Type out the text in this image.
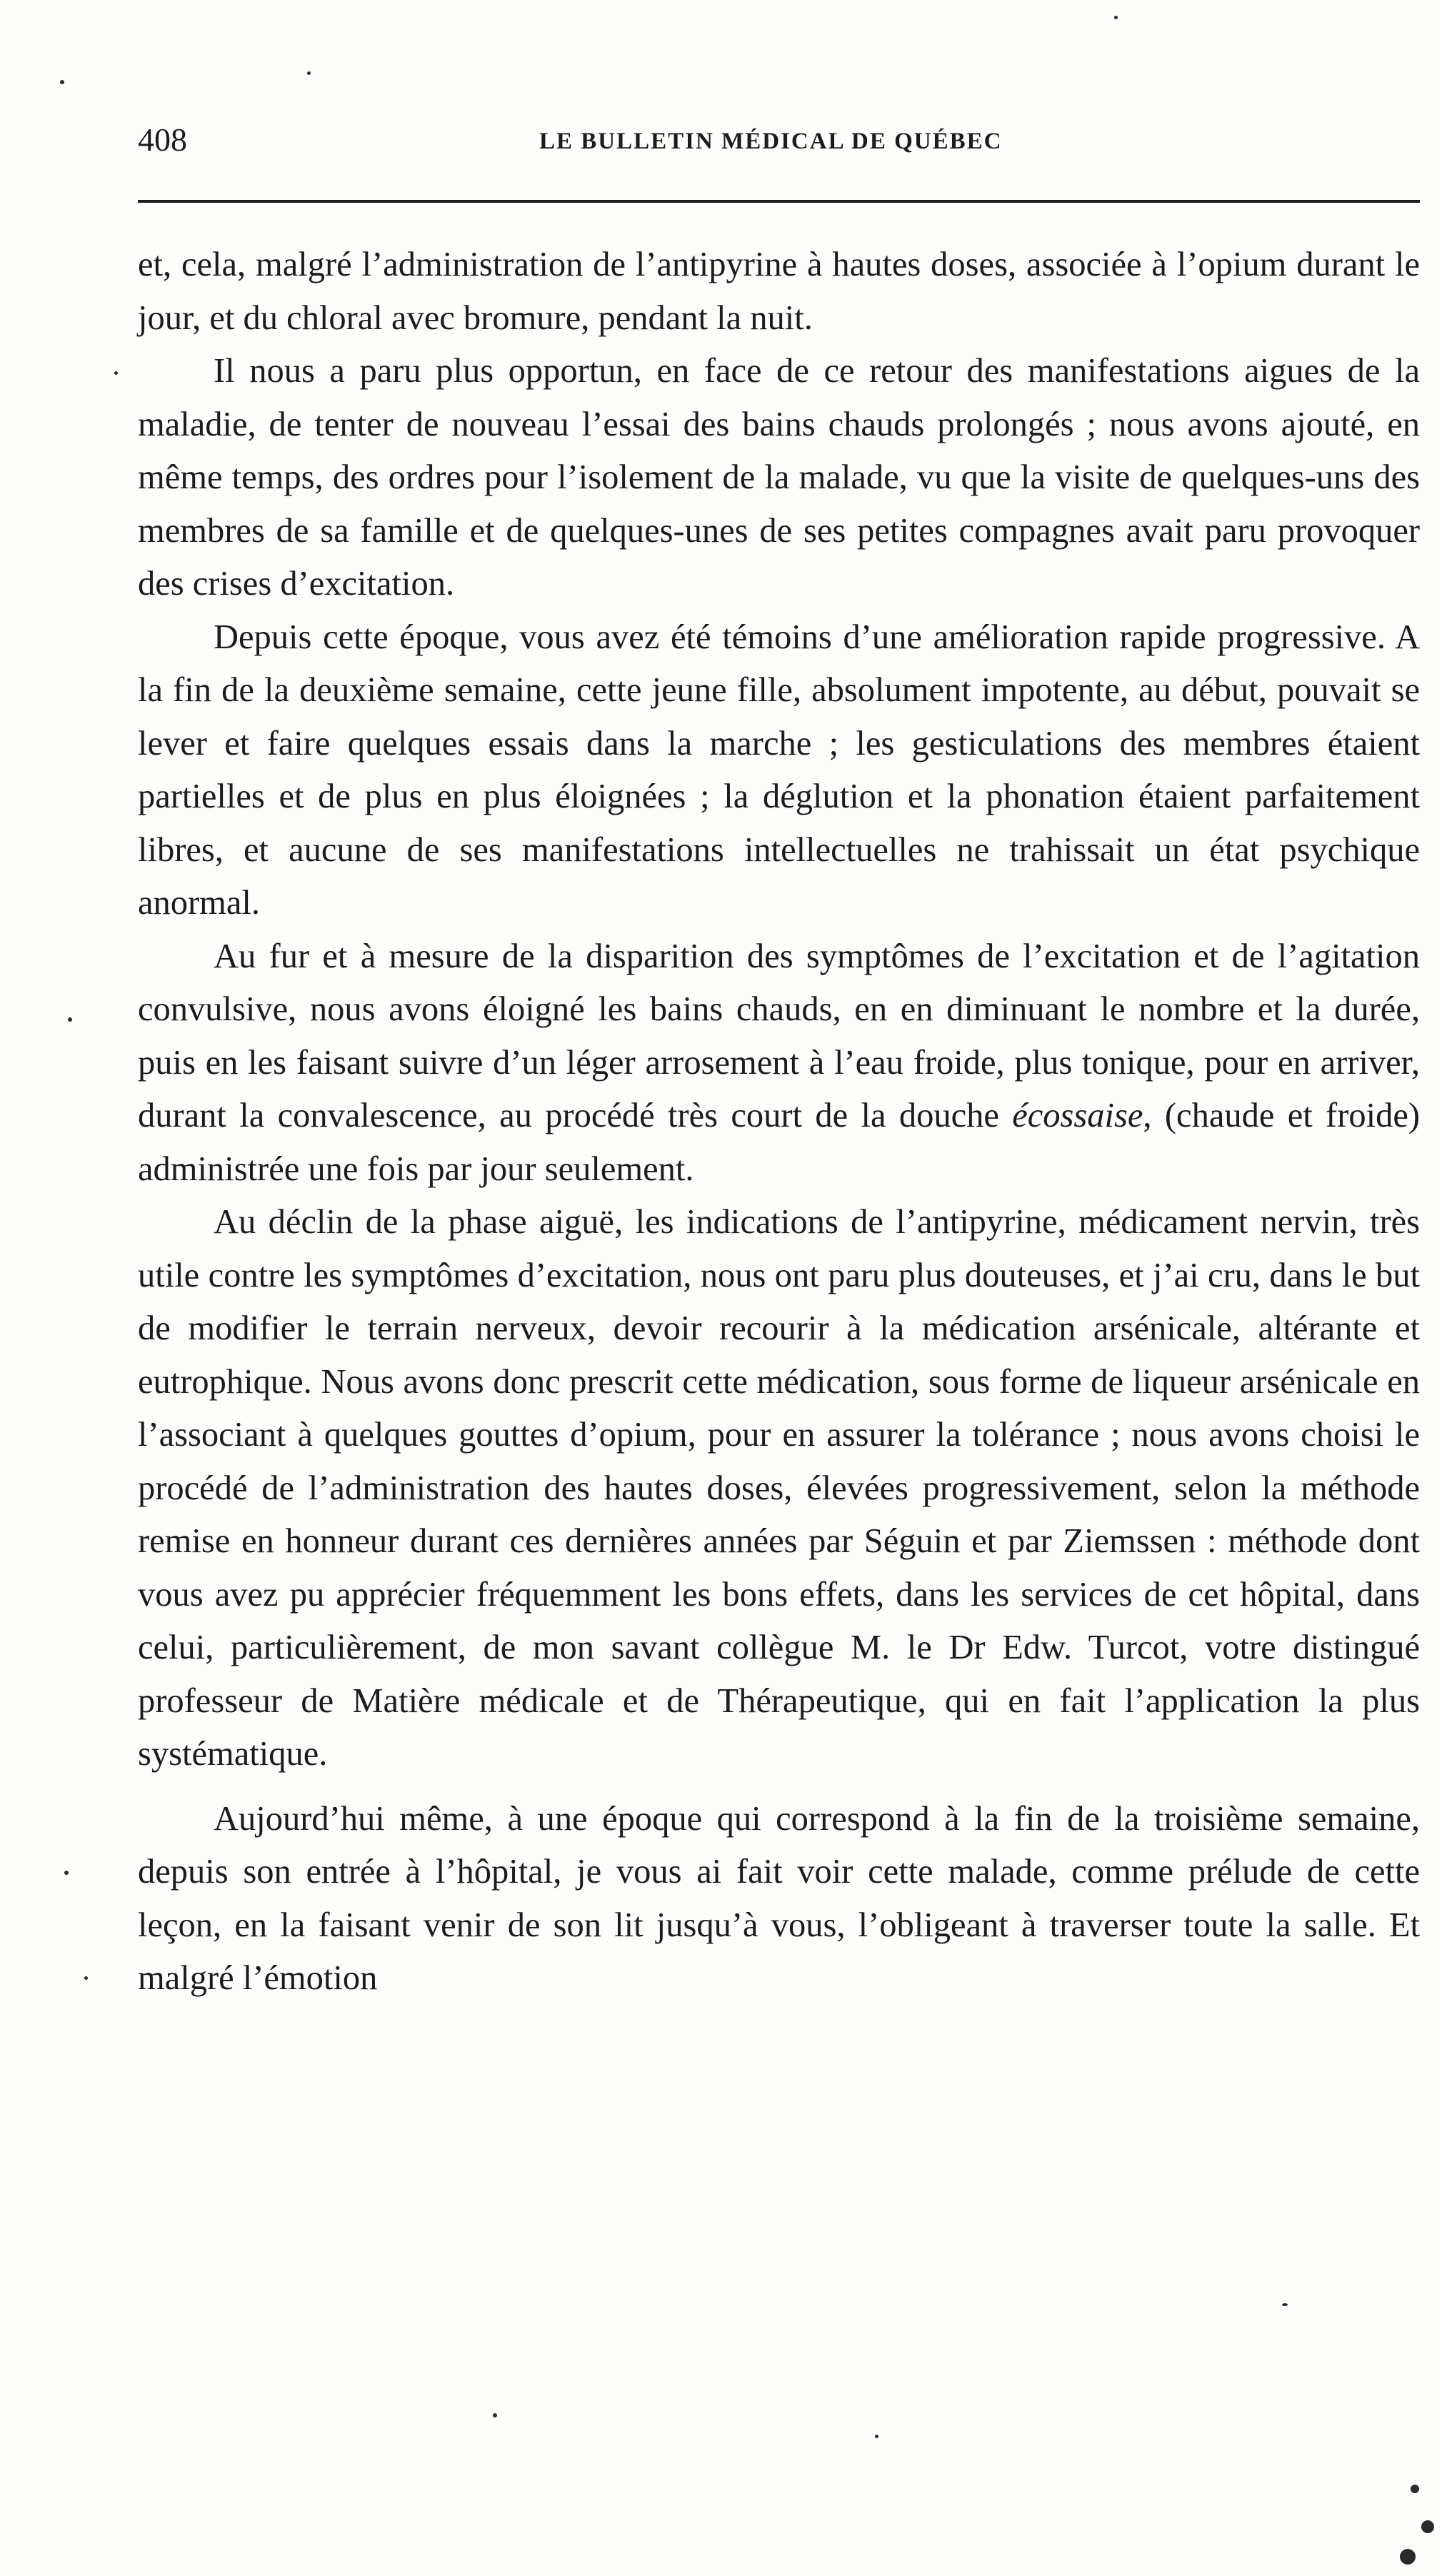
408	LE BULLETIN MÉDICAL DE QUÉBEC

et, cela, malgré l’administration de l’antipyrine à hautes doses, associée à l’opium durant le jour, et du chloral avec bromure, pendant la nuit.

Il nous a paru plus opportun, en face de ce retour des manifestations aigues de la maladie, de tenter de nouveau l’essai des bains chauds prolongés ; nous avons ajouté, en même temps, des ordres pour l’isolement de la malade, vu que la visite de quelques-uns des membres de sa famille et de quelques-unes de ses petites compagnes avait paru provoquer des crises d’excitation.

Depuis cette époque, vous avez été témoins d’une amélioration rapide progressive. A la fin de la deuxième semaine, cette jeune fille, absolument impotente, au début, pouvait se lever et faire quelques essais dans la marche ; les gesticulations des membres étaient partielles et de plus en plus éloignées ; la déglution et la phonation étaient parfaitement libres, et aucune de ses manifestations intellectuelles ne trahissait un état psychique anormal.

Au fur et à mesure de la disparition des symptômes de l’excitation et de l’agitation convulsive, nous avons éloigné les bains chauds, en en diminuant le nombre et la durée, puis en les faisant suivre d’un léger arrosement à l’eau froide, plus tonique, pour en arriver, durant la convalescence, au procédé très court de la douche écossaise, (chaude et froide) administrée une fois par jour seulement.

Au déclin de la phase aiguë, les indications de l’antipyrine, médicament nervin, très utile contre les symptômes d’excitation, nous ont paru plus douteuses, et j’ai cru, dans le but de modifier le terrain nerveux, devoir recourir à la médication arsénicale, altérante et eutrophique. Nous avons donc prescrit cette médication, sous forme de liqueur arsénicale en l’associant à quelques gouttes d’opium, pour en assurer la tolérance ; nous avons choisi le procédé de l’administration des hautes doses, élevées progressivement, selon la méthode remise en honneur durant ces dernières années par Séguin et par Ziemssen : méthode dont vous avez pu apprécier fréquemment les bons effets, dans les services de cet hôpital, dans celui, particulièrement, de mon savant collègue M. le Dr Edw. Turcot, votre distingué professeur de Matière médicale et de Thérapeutique, qui en fait l’application la plus systématique.

Aujourd’hui même, à une époque qui correspond à la fin de la troisième semaine, depuis son entrée à l’hôpital, je vous ai fait voir cette malade, comme prélude de cette leçon, en la faisant venir de son lit jusqu’à vous, l’obligeant à traverser toute la salle. Et malgré l’émotion
